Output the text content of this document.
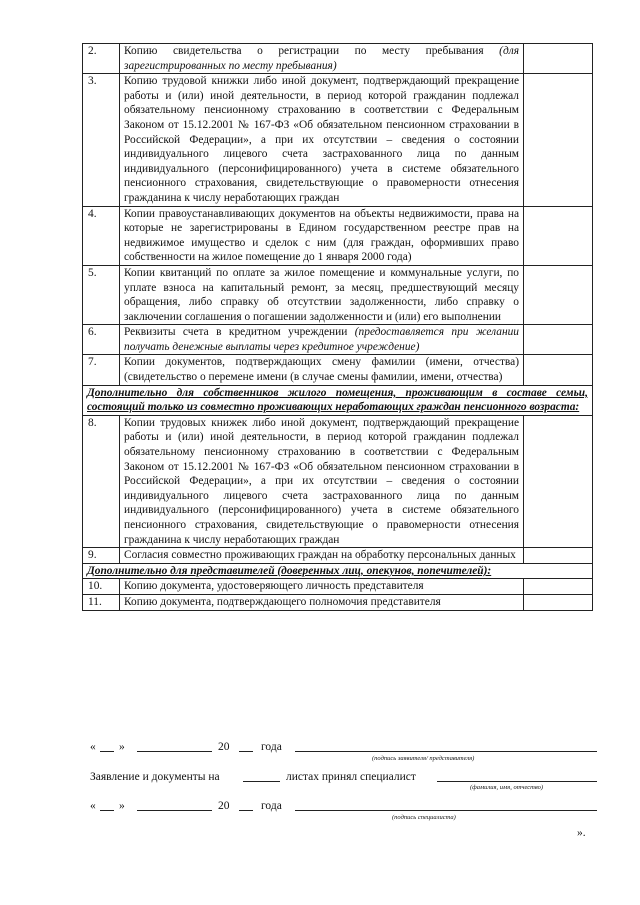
2.	Копию свидетельства о регистрации по месту пребывания (для зарегистрированных по месту пребывания)	
3.	Копию трудовой книжки либо иной документ, подтверждающий прекращение работы и (или) иной деятельности, в период которой гражданин подлежал обязательному пенсионному страхованию в соответствии с Федеральным Законом от 15.12.2001 № 167-ФЗ «Об обязательном пенсионном страховании в Российской Федерации», а при их отсутствии – сведения о состоянии индивидуального лицевого счета застрахованного лица по данным индивидуального (персонифицированного) учета в системе обязательного пенсионного страхования, свидетельствующие о правомерности отнесения гражданина к числу неработающих граждан	
4.	Копии правоустанавливающих документов на объекты недвижимости, права на которые не зарегистрированы в Едином государственном реестре прав на недвижимое имущество и сделок с ним (для граждан, оформивших право собственности на жилое помещение до 1 января 2000 года)	
5.	Копии квитанций по оплате за жилое помещение и коммунальные услуги, по уплате взноса на капитальный ремонт, за месяц, предшествующий месяцу обращения, либо справку об отсутствии задолженности, либо справку о заключении соглашения о погашении задолженности и (или) его выполнении	
6.	Реквизиты счета в кредитном учреждении (предоставляется при желании получать денежные выплаты через кредитное учреждение)	
7.	Копии документов, подтверждающих смену фамилии (имени, отчества) (свидетельство о перемене имени (в случае смены фамилии, имени, отчества)	
Дополнительно для собственников жилого помещения, проживающим в составе семьи, состоящий только из совместно проживающих неработающих граждан пенсионного возраста:		
8.	Копии трудовых книжек либо иной документ, подтверждающий прекращение работы и (или) иной деятельности, в период которой гражданин подлежал обязательному пенсионному страхованию в соответствии с Федеральным Законом от 15.12.2001 № 167-ФЗ «Об обязательном пенсионном страховании в Российской Федерации», а при их отсутствии – сведения о состоянии индивидуального лицевого счета застрахованного лица по данным индивидуального (персонифицированного) учета в системе обязательного пенсионного страхования, свидетельствующие о правомерности отнесения гражданина к числу неработающих граждан	
9.	Согласия совместно проживающих граждан на обработку персональных данных	
Дополнительно для представителей (доверенных лиц, опекунов, попечителей):		
10.	Копию документа, удостоверяющего личность представителя	
11.	Копию документа, подтверждающего полномочия представителя	
« »	20	года
(подпись заявителя/ представителя)
Заявление и документы на	листах принял специалист
(фамилия, имя, отчество)
« »	20	года
(подпись специалиста)
».
